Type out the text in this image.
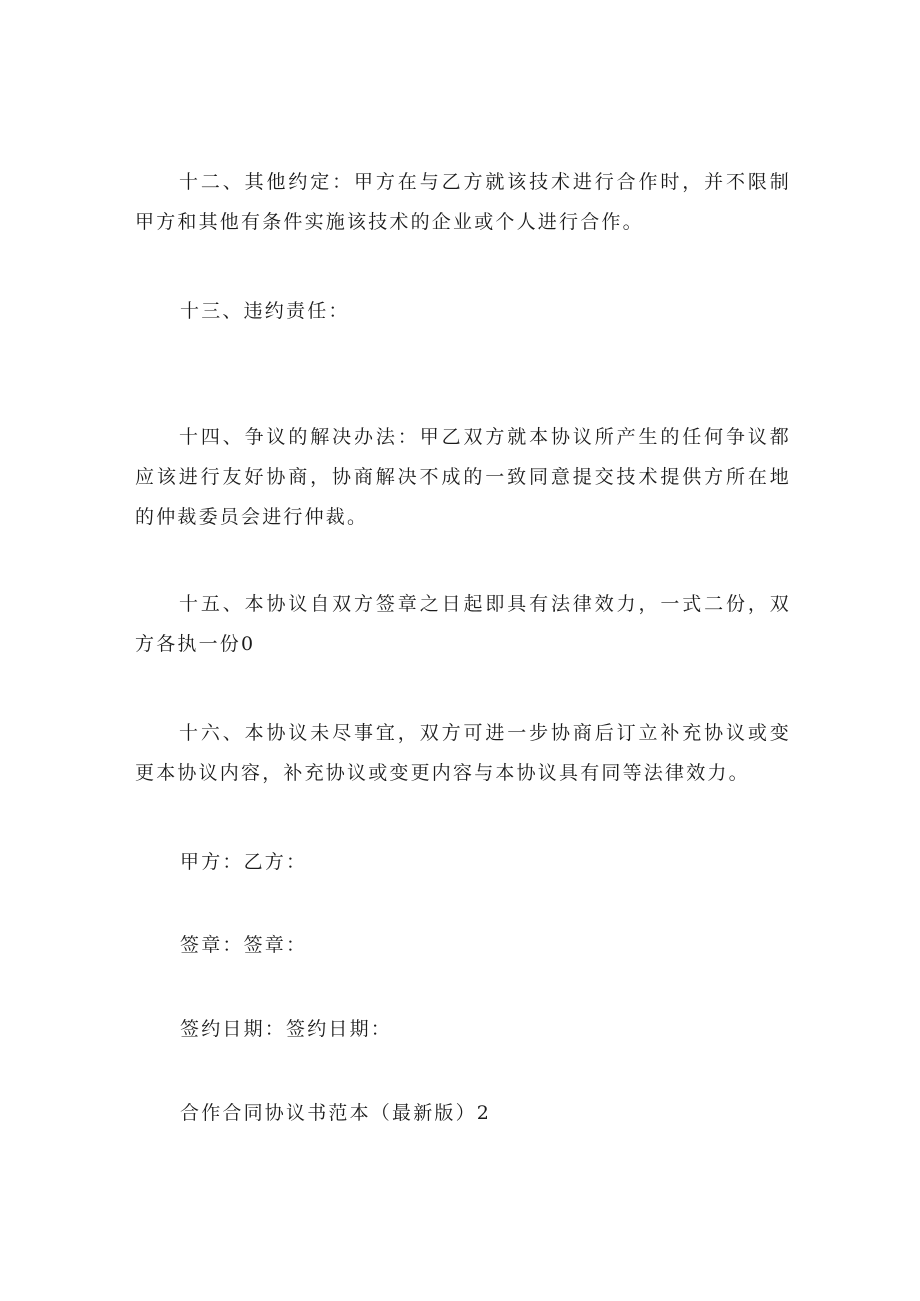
十二、其他约定：甲方在与乙方就该技术进行合作时，并不限制甲方和其他有条件实施该技术的企业或个人进行合作。

十三、违约责任：

十四、争议的解决办法：甲乙双方就本协议所产生的任何争议都应该进行友好协商，协商解决不成的一致同意提交技术提供方所在地的仲裁委员会进行仲裁。

十五、本协议自双方签章之日起即具有法律效力，一式二份，双方各执一份0

十六、本协议未尽事宜，双方可进一步协商后订立补充协议或变更本协议内容，补充协议或变更内容与本协议具有同等法律效力。

甲方：乙方：

签章：签章：

签约日期：签约日期：

合作合同协议书范本（最新版）2
